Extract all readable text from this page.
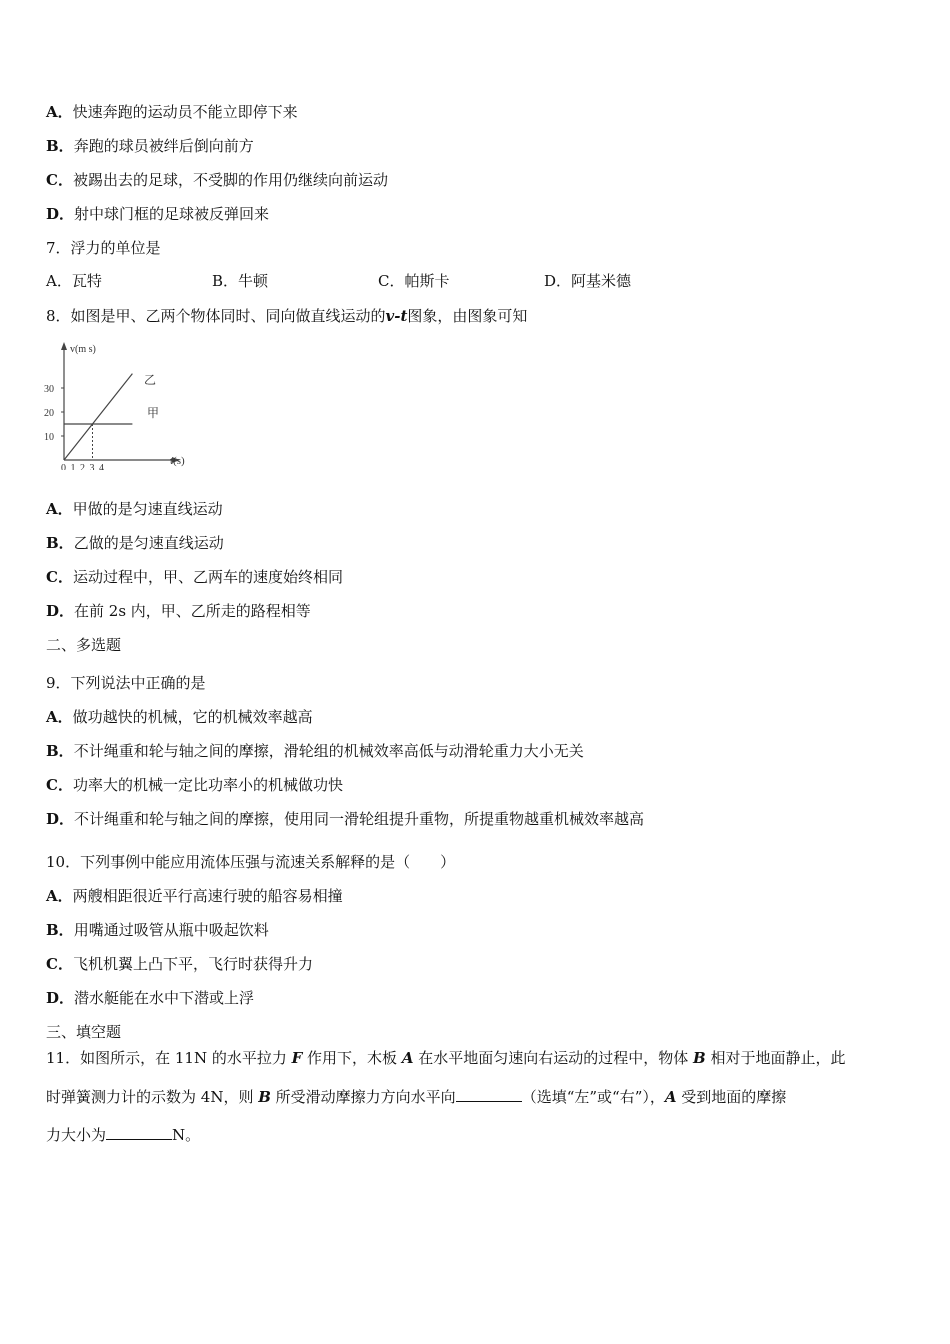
A．快速奔跑的运动员不能立即停下来
B．奔跑的球员被绊后倒向前方
C．被踢出去的足球，不受脚的作用仍继续向前运动
D．射中球门框的足球被反弹回来
7．浮力的单位是
A．瓦特	B．牛顿	C．帕斯卡	D．阿基米德
8．如图是甲、乙两个物体同时、同向做直线运动的v-t图象，由图象可知
v(m s)
t(s)
10
20
30
0 1 2 3 4
乙
甲
A．甲做的是匀速直线运动
B．乙做的是匀速直线运动
C．运动过程中，甲、乙两车的速度始终相同
D．在前 2s 内，甲、乙所走的路程相等
二、多选题
9．下列说法中正确的是
A．做功越快的机械，它的机械效率越高
B．不计绳重和轮与轴之间的摩擦，滑轮组的机械效率高低与动滑轮重力大小无关
C．功率大的机械一定比功率小的机械做功快
D．不计绳重和轮与轴之间的摩擦，使用同一滑轮组提升重物，所提重物越重机械效率越高
10．下列事例中能应用流体压强与流速关系解释的是（　　）
A．两艘相距很近平行高速行驶的船容易相撞
B．用嘴通过吸管从瓶中吸起饮料
C．飞机机翼上凸下平，飞行时获得升力
D．潜水艇能在水中下潜或上浮
三、填空题
11．如图所示，在 11N 的水平拉力 F 作用下，木板 A 在水平地面匀速向右运动的过程中，物体 B 相对于地面静止，此
时弹簧测力计的示数为 4N，则 B 所受滑动摩擦力方向水平向	（选填“左”或“右”），A 受到地面的摩擦
力大小为	N。
